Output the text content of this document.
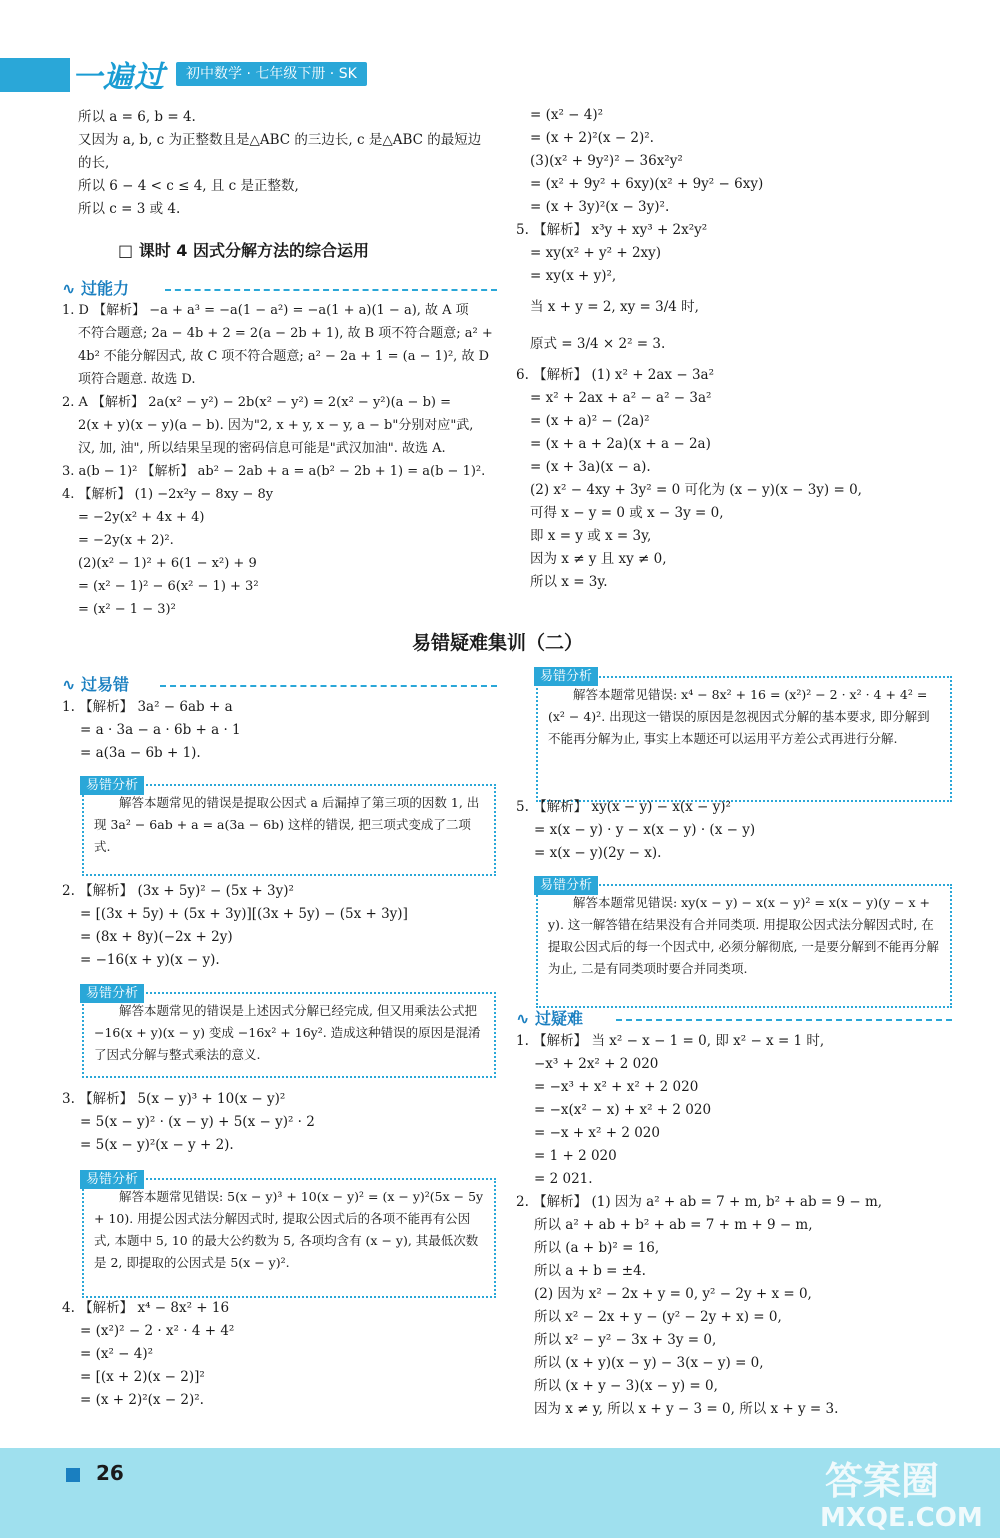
一遍过	初中数学 · 七年级下册 · SK
所以 a = 6, b = 4.
又因为 a, b, c 为正整数且是△ABC 的三边长, c 是△ABC 的最短边
的长,
所以 6 − 4 < c ≤ 4, 且 c 是正整数,
所以 c = 3 或 4.
□ 课时 4 因式分解方法的综合运用
∿ 过能力
1. D 【解析】 −a + a³ = −a(1 − a²) = −a(1 + a)(1 − a), 故 A 项
不符合题意; 2a − 4b + 2 = 2(a − 2b + 1), 故 B 项不符合题意; a² +
4b² 不能分解因式, 故 C 项不符合题意; a² − 2a + 1 = (a − 1)², 故 D
项符合题意. 故选 D.
2. A 【解析】 2a(x² − y²) − 2b(x² − y²) = 2(x² − y²)(a − b) =
2(x + y)(x − y)(a − b). 因为"2, x + y, x − y, a − b"分别对应"武,
汉, 加, 油", 所以结果呈现的密码信息可能是"武汉加油". 故选 A.
3. a(b − 1)² 【解析】 ab² − 2ab + a = a(b² − 2b + 1) = a(b − 1)².
4. 【解析】 (1) −2x²y − 8xy − 8y
= −2y(x² + 4x + 4)
= −2y(x + 2)².
(2)(x² − 1)² + 6(1 − x²) + 9
= (x² − 1)² − 6(x² − 1) + 3²
= (x² − 1 − 3)²
= (x² − 4)²
= (x + 2)²(x − 2)².
(3)(x² + 9y²)² − 36x²y²
= (x² + 9y² + 6xy)(x² + 9y² − 6xy)
= (x + 3y)²(x − 3y)².
5. 【解析】 x³y + xy³ + 2x²y²
= xy(x² + y² + 2xy)
= xy(x + y)²,
当 x + y = 2, xy = 3/4 时,
原式 = 3/4 × 2² = 3.
6. 【解析】 (1) x² + 2ax − 3a²
= x² + 2ax + a² − a² − 3a²
= (x + a)² − (2a)²
= (x + a + 2a)(x + a − 2a)
= (x + 3a)(x − a).
(2) x² − 4xy + 3y² = 0 可化为 (x − y)(x − 3y) = 0,
可得 x − y = 0 或 x − 3y = 0,
即 x = y 或 x = 3y,
因为 x ≠ y 且 xy ≠ 0,
所以 x = 3y.
易错疑难集训（二）
∿ 过易错
1. 【解析】 3a² − 6ab + a
= a · 3a − a · 6b + a · 1
= a(3a − 6b + 1).
解答本题常见的错误是提取公因式 a 后漏掉了第三项的因数 1, 出现 3a² − 6ab + a = a(3a − 6b) 这样的错误, 把三项式变成了二项式.
易错分析
2. 【解析】 (3x + 5y)² − (5x + 3y)²
= [(3x + 5y) + (5x + 3y)][(3x + 5y) − (5x + 3y)]
= (8x + 8y)(−2x + 2y)
= −16(x + y)(x − y).
解答本题常见的错误是上述因式分解已经完成, 但又用乘法公式把 −16(x + y)(x − y) 变成 −16x² + 16y². 造成这种错误的原因是混淆了因式分解与整式乘法的意义.
易错分析
3. 【解析】 5(x − y)³ + 10(x − y)²
= 5(x − y)² · (x − y) + 5(x − y)² · 2
= 5(x − y)²(x − y + 2).
解答本题常见错误: 5(x − y)³ + 10(x − y)² = (x − y)²(5x − 5y + 10). 用提公因式法分解因式时, 提取公因式后的各项不能再有公因式, 本题中 5, 10 的最大公约数为 5, 各项均含有 (x − y), 其最低次数是 2, 即提取的公因式是 5(x − y)².
易错分析
4. 【解析】 x⁴ − 8x² + 16
= (x²)² − 2 · x² · 4 + 4²
= (x² − 4)²
= [(x + 2)(x − 2)]²
= (x + 2)²(x − 2)².
解答本题常见错误: x⁴ − 8x² + 16 = (x²)² − 2 · x² · 4 + 4² = (x² − 4)². 出现这一错误的原因是忽视因式分解的基本要求, 即分解到不能再分解为止, 事实上本题还可以运用平方差公式再进行分解.
易错分析
5. 【解析】 xy(x − y) − x(x − y)²
= x(x − y) · y − x(x − y) · (x − y)
= x(x − y)(2y − x).
解答本题常见错误: xy(x − y) − x(x − y)² = x(x − y)(y − x + y). 这一解答错在结果没有合并同类项. 用提取公因式法分解因式时, 在提取公因式后的每一个因式中, 必须分解彻底, 一是要分解到不能再分解为止, 二是有同类项时要合并同类项.
易错分析
∿ 过疑难
1. 【解析】 当 x² − x − 1 = 0, 即 x² − x = 1 时,
−x³ + 2x² + 2 020
= −x³ + x² + x² + 2 020
= −x(x² − x) + x² + 2 020
= −x + x² + 2 020
= 1 + 2 020
= 2 021.
2. 【解析】 (1) 因为 a² + ab = 7 + m, b² + ab = 9 − m,
所以 a² + ab + b² + ab = 7 + m + 9 − m,
所以 (a + b)² = 16,
所以 a + b = ±4.
(2) 因为 x² − 2x + y = 0, y² − 2y + x = 0,
所以 x² − 2x + y − (y² − 2y + x) = 0,
所以 x² − y² − 3x + 3y = 0,
所以 (x + y)(x − y) − 3(x − y) = 0,
所以 (x + y − 3)(x − y) = 0,
因为 x ≠ y, 所以 x + y − 3 = 0, 所以 x + y = 3.
26	答案圈
MXQE.COM
